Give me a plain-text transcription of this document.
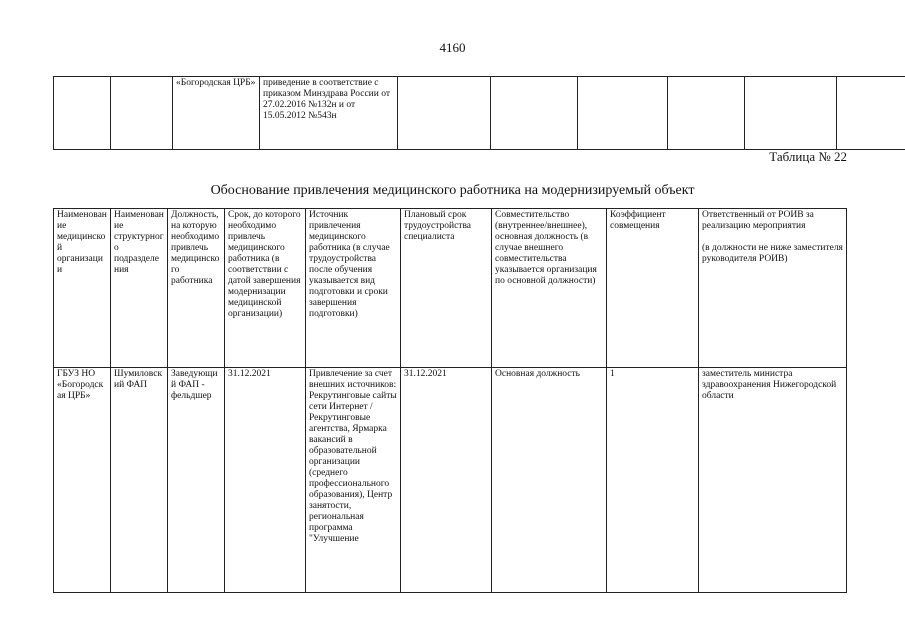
4160
		«Богородская ЦРБ»	приведение в соответствие с приказом Минздрава России от 27.02.2016 №132н и от 15.05.2012 №543н						
Таблица № 22
Обоснование привлечения медицинского работника на модернизируемый объект
Наименование медицинской организации	Наименование структурного подразделения	Должность, на которую необходимо привлечь медицинского работника	Срок, до которого необходимо привлечь медицинского работника (в соответствии с датой завершения модернизации медицинской организации)	Источник привлечения медицинского работника (в случае трудоустройства после обучения указывается вид подготовки и сроки завершения подготовки)	Плановый срок трудоустройства специалиста	Совместительство (внутреннее/внешнее), основная должность (в случае внешнего совместительства указывается организация по основной должности)	Коэффициент совмещения	Ответственный от РОИВ за реализацию мероприятия

(в должности не ниже заместителя руководителя РОИВ)
ГБУЗ НО «Богородская ЦРБ»	Шумиловский ФАП	Заведующий ФАП - фельдшер	31.12.2021	Привлечение за счет внешних источников: Рекрутинговые сайты сети Интернет / Рекрутинговые агентства, Ярмарка вакансий в образовательной организации (среднего профессионального образования), Центр занятости, региональная программа "Улучшение	31.12.2021	Основная должность	1	заместитель министра здравоохранения Нижегородской области
